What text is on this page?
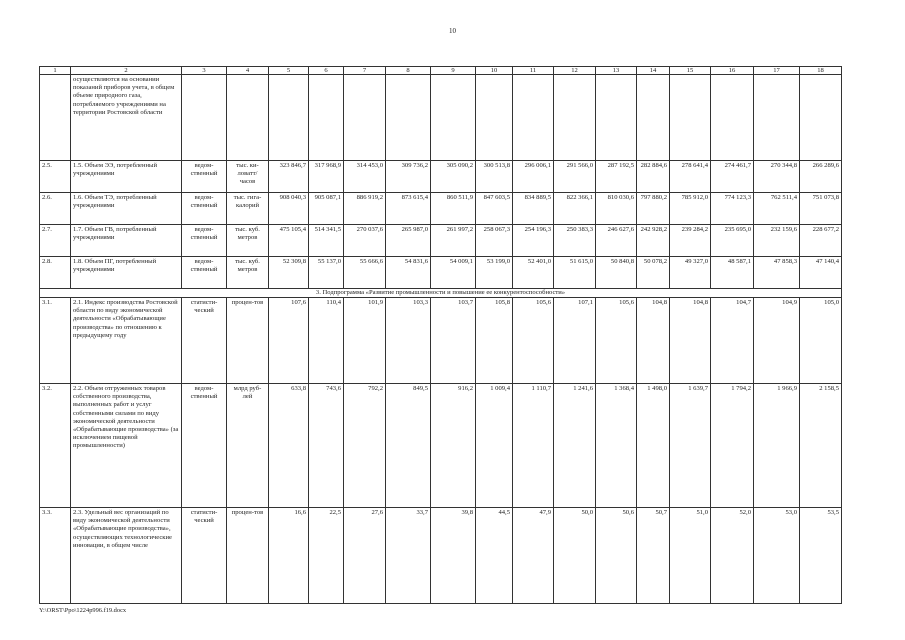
10
1	2	3	4	5	6	7	8	9	10	11	12	13	14	15	16	17	18
	осуществляются на основании показаний приборов учета, в общем объеме природного газа, потребляемого учреждениями на территории Ростовской области																
2.5.	1.5. Объем ЭЭ, потребленный учреждениями	ведом-ственный	тыс. ки-ловатт/ часов	323 846,7	317 968,9	314 453,0	309 736,2	305 090,2	300 513,8	296 006,1	291 566,0	287 192,5	282 884,6	278 641,4	274 461,7	270 344,8	266 289,6
2.6.	1.6. Объем ТЭ, потребленный учреждениями	ведом-ственный	тыс. гига-калорий	908 040,3	905 087,1	886 919,2	873 615,4	860 511,9	847 603,5	834 889,5	822 366,1	810 030,6	797 880,2	785 912,0	774 123,3	762 511,4	751 073,8
2.7.	1.7. Объем ГВ, потребленный учреждениями	ведом-ственный	тыс. куб. метров	475 105,4	514 341,5	270 037,6	265 987,0	261 997,2	258 067,3	254 196,3	250 383,3	246 627,6	242 928,2	239 284,2	235 695,0	232 159,6	228 677,2
2.8.	1.8. Объем ПГ, потребленный учреждениями	ведом-ственный	тыс. куб. метров	52 309,8	55 137,0	55 666,6	54 831,6	54 009,1	53 199,0	52 401,0	51 615,0	50 840,8	50 078,2	49 327,0	48 587,1	47 858,3	47 140,4
3. Подпрограмма «Развитие промышленности и повышение ее конкурентоспособности»																	
3.1.	2.1. Индекс производства Ростовской области по виду экономической деятельности «Обрабатывающие производства» по отношению к предыдущему году	статисти-ческий	процен-тов	107,6	110,4	101,9	103,3	103,7	105,8	105,6	107,1	105,6	104,8	104,8	104,7	104,9	105,0
3.2.	2.2. Объем отгруженных товаров собственного производства, выполненных работ и услуг собственными силами по виду экономической деятельности «Обрабатывающие производства» (за исключением пищевой промышленности)	ведом-ственный	млрд руб-лей	633,8	743,6	792,2	849,5	916,2	1 009,4	1 110,7	1 241,6	1 368,4	1 498,0	1 639,7	1 794,2	1 966,9	2 158,5
3.3.	2.3. Удельный вес организаций по виду экономической деятельности «Обрабатывающие производства», осуществляющих технологические инновации, в общем числе	статисти-ческий	процен-тов	16,6	22,5	27,6	33,7	39,8	44,5	47,9	50,0	50,6	50,7	51,0	52,0	53,0	53,5
Y:\ORST\Ppo\1224p996.f19.docx
